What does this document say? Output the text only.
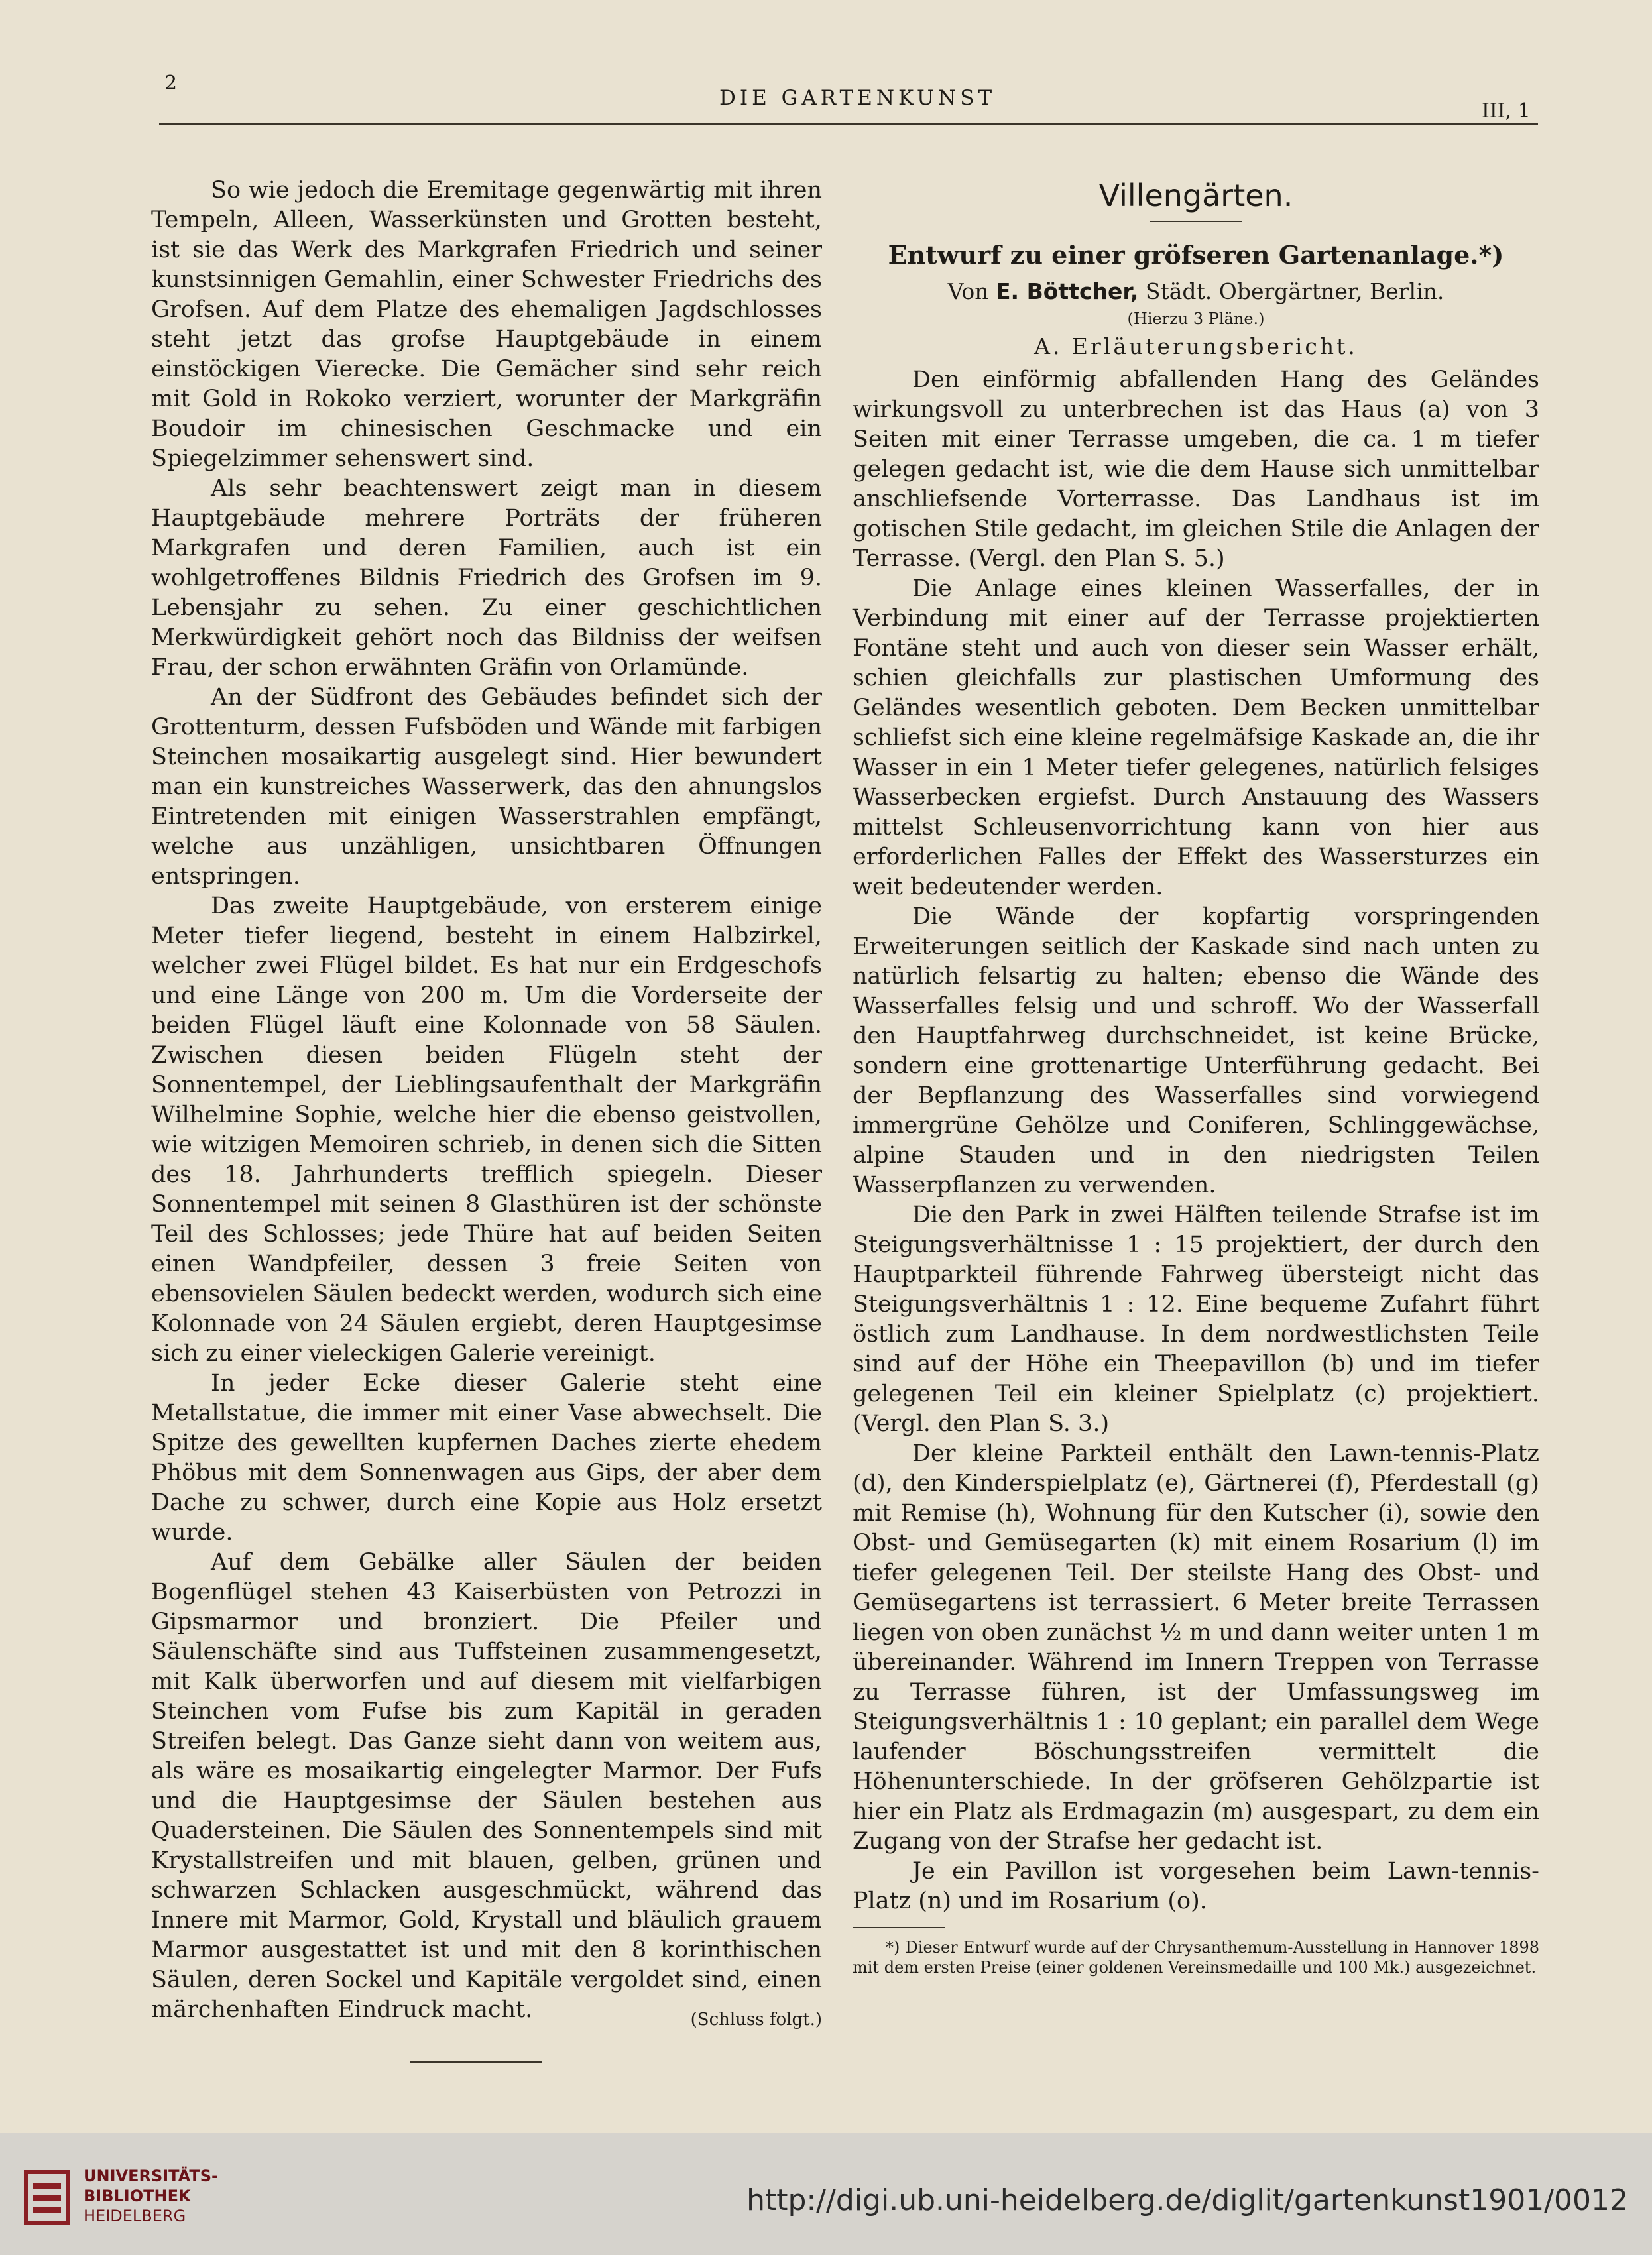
2
DIE GARTENKUNST
III, 1

So wie jedoch die Eremitage gegenwärtig mit ihren Tempeln, Alleen, Wasserkünsten und Grotten besteht, ist sie das Werk des Markgrafen Friedrich und seiner kunstsinnigen Gemahlin, einer Schwester Friedrichs des Grofsen. Auf dem Platze des ehemaligen Jagdschlosses steht jetzt das grofse Hauptgebäude in einem einstöckigen Vierecke. Die Gemächer sind sehr reich mit Gold in Rokoko verziert, worunter der Markgräfin Boudoir im chinesischen Geschmacke und ein Spiegelzimmer sehenswert sind.

Als sehr beachtenswert zeigt man in diesem Hauptgebäude mehrere Porträts der früheren Markgrafen und deren Familien, auch ist ein wohlgetroffenes Bildnis Friedrich des Grofsen im 9. Lebensjahr zu sehen. Zu einer geschichtlichen Merkwürdigkeit gehört noch das Bildniss der weifsen Frau, der schon erwähnten Gräfin von Orlamünde.

An der Südfront des Gebäudes befindet sich der Grottenturm, dessen Fufsböden und Wände mit farbigen Steinchen mosaikartig ausgelegt sind. Hier bewundert man ein kunstreiches Wasserwerk, das den ahnungslos Eintretenden mit einigen Wasserstrahlen empfängt, welche aus unzähligen, unsichtbaren Öffnungen entspringen.

Das zweite Hauptgebäude, von ersterem einige Meter tiefer liegend, besteht in einem Halbzirkel, welcher zwei Flügel bildet. Es hat nur ein Erdgeschofs und eine Länge von 200 m. Um die Vorderseite der beiden Flügel läuft eine Kolonnade von 58 Säulen. Zwischen diesen beiden Flügeln steht der Sonnentempel, der Lieblingsaufenthalt der Markgräfin Wilhelmine Sophie, welche hier die ebenso geistvollen, wie witzigen Memoiren schrieb, in denen sich die Sitten des 18. Jahrhunderts trefflich spiegeln. Dieser Sonnentempel mit seinen 8 Glasthüren ist der schönste Teil des Schlosses; jede Thüre hat auf beiden Seiten einen Wandpfeiler, dessen 3 freie Seiten von ebensovielen Säulen bedeckt werden, wodurch sich eine Kolonnade von 24 Säulen ergiebt, deren Hauptgesimse sich zu einer vieleckigen Galerie vereinigt.

In jeder Ecke dieser Galerie steht eine Metallstatue, die immer mit einer Vase abwechselt. Die Spitze des gewellten kupfernen Daches zierte ehedem Phöbus mit dem Sonnenwagen aus Gips, der aber dem Dache zu schwer, durch eine Kopie aus Holz ersetzt wurde.

Auf dem Gebälke aller Säulen der beiden Bogenflügel stehen 43 Kaiserbüsten von Petrozzi in Gipsmarmor und bronziert. Die Pfeiler und Säulenschäfte sind aus Tuffsteinen zusammengesetzt, mit Kalk überworfen und auf diesem mit vielfarbigen Steinchen vom Fufse bis zum Kapitäl in geraden Streifen belegt. Das Ganze sieht dann von weitem aus, als wäre es mosaikartig eingelegter Marmor. Der Fufs und die Hauptgesimse der Säulen bestehen aus Quadersteinen. Die Säulen des Sonnentempels sind mit Krystallstreifen und mit blauen, gelben, grünen und schwarzen Schlacken ausgeschmückt, während das Innere mit Marmor, Gold, Krystall und bläulich grauem Marmor ausgestattet ist und mit den 8 korinthischen Säulen, deren Sockel und Kapitäle vergoldet sind, einen märchenhaften Eindruck macht.	(Schluss folgt.)
Villengärten.
Entwurf zu einer gröfseren Gartenanlage.*)
Von E. Böttcher, Städt. Obergärtner, Berlin.
(Hierzu 3 Pläne.)
A. Erläuterungsbericht.

Den einförmig abfallenden Hang des Geländes wirkungsvoll zu unterbrechen ist das Haus (a) von 3 Seiten mit einer Terrasse umgeben, die ca. 1 m tiefer gelegen gedacht ist, wie die dem Hause sich unmittelbar anschliefsende Vorterrasse. Das Landhaus ist im gotischen Stile gedacht, im gleichen Stile die Anlagen der Terrasse. (Vergl. den Plan S. 5.)

Die Anlage eines kleinen Wasserfalles, der in Verbindung mit einer auf der Terrasse projektierten Fontäne steht und auch von dieser sein Wasser erhält, schien gleichfalls zur plastischen Umformung des Geländes wesentlich geboten. Dem Becken unmittelbar schliefst sich eine kleine regelmäfsige Kaskade an, die ihr Wasser in ein 1 Meter tiefer gelegenes, natürlich felsiges Wasserbecken ergiefst. Durch Anstauung des Wassers mittelst Schleusenvorrichtung kann von hier aus erforderlichen Falles der Effekt des Wassersturzes ein weit bedeutender werden.

Die Wände der kopfartig vorspringenden Erweiterungen seitlich der Kaskade sind nach unten zu natürlich felsartig zu halten; ebenso die Wände des Wasserfalles felsig und und schroff. Wo der Wasserfall den Hauptfahrweg durchschneidet, ist keine Brücke, sondern eine grottenartige Unterführung gedacht. Bei der Bepflanzung des Wasserfalles sind vorwiegend immergrüne Gehölze und Coniferen, Schlinggewächse, alpine Stauden und in den niedrigsten Teilen Wasserpflanzen zu verwenden.

Die den Park in zwei Hälften teilende Strafse ist im Steigungsverhältnisse 1 : 15 projektiert, der durch den Hauptparkteil führende Fahrweg übersteigt nicht das Steigungsverhältnis 1 : 12. Eine bequeme Zufahrt führt östlich zum Landhause. In dem nordwestlichsten Teile sind auf der Höhe ein Theepavillon (b) und im tiefer gelegenen Teil ein kleiner Spielplatz (c) projektiert. (Vergl. den Plan S. 3.)

Der kleine Parkteil enthält den Lawn-tennis-Platz (d), den Kinderspielplatz (e), Gärtnerei (f), Pferdestall (g) mit Remise (h), Wohnung für den Kutscher (i), sowie den Obst- und Gemüsegarten (k) mit einem Rosarium (l) im tiefer gelegenen Teil. Der steilste Hang des Obst- und Gemüsegartens ist terrassiert. 6 Meter breite Terrassen liegen von oben zunächst ½ m und dann weiter unten 1 m übereinander. Während im Innern Treppen von Terrasse zu Terrasse führen, ist der Umfassungsweg im Steigungsverhältnis 1 : 10 geplant; ein parallel dem Wege laufender Böschungsstreifen vermittelt die Höhenunterschiede. In der gröfseren Gehölzpartie ist hier ein Platz als Erdmagazin (m) ausgespart, zu dem ein Zugang von der Strafse her gedacht ist.

Je ein Pavillon ist vorgesehen beim Lawn-tennis-Platz (n) und im Rosarium (o).

*) Dieser Entwurf wurde auf der Chrysanthemum-Ausstellung in Hannover 1898 mit dem ersten Preise (einer goldenen Vereinsmedaille und 100 Mk.) ausgezeichnet.
UNIVERSITÄTS-
BIBLIOTHEK
HEIDELBERG	http://digi.ub.uni-heidelberg.de/diglit/gartenkunst1901/0012
